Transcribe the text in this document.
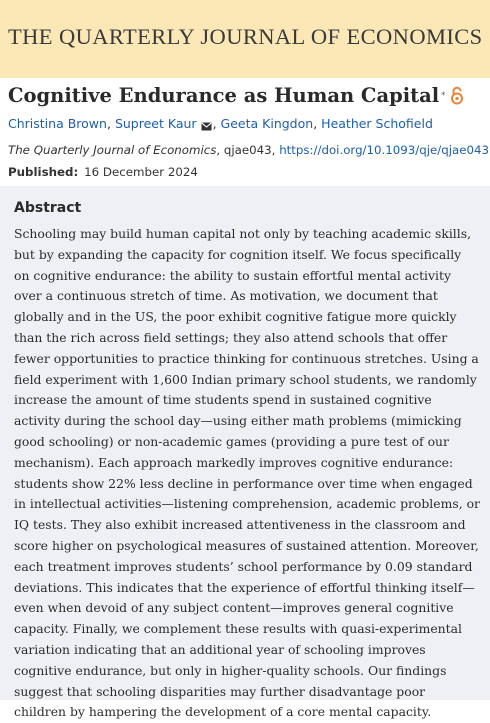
THE QUARTERLY JOURNAL OF ECONOMICS
Cognitive Endurance as Human Capital *
Christina Brown , Supreet Kaur , Geeta Kingdon , Heather Schofield
The Quarterly Journal of Economics, qjae043, https://doi.org/10.1093/qje/qjae043
Published: 16 December 2024
Abstract

Schooling may build human capital not only by teaching academic skills, but by expanding the capacity for cognition itself. We focus specifically on cognitive endurance: the ability to sustain effortful mental activity over a continuous stretch of time. As motivation, we document that globally and in the US, the poor exhibit cognitive fatigue more quickly than the rich across field settings; they also attend schools that offer fewer opportunities to practice thinking for continuous stretches. Using a field experiment with 1,600 Indian primary school students, we randomly increase the amount of time students spend in sustained cognitive activity during the school day—using either math problems (mimicking good schooling) or non-academic games (providing a pure test of our mechanism). Each approach markedly improves cognitive endurance: students show 22% less decline in performance over time when engaged in intellectual activities—listening comprehension, academic problems, or IQ tests. They also exhibit increased attentiveness in the classroom and score higher on psychological measures of sustained attention. Moreover, each treatment improves students’ school performance by 0.09 standard deviations. This indicates that the experience of effortful thinking itself—even when devoid of any subject content—improves general cognitive capacity. Finally, we complement these results with quasi-experimental variation indicating that an additional year of schooling improves cognitive endurance, but only in higher-quality schools. Our findings suggest that schooling disparities may further disadvantage poor children by hampering the development of a core mental capacity.
